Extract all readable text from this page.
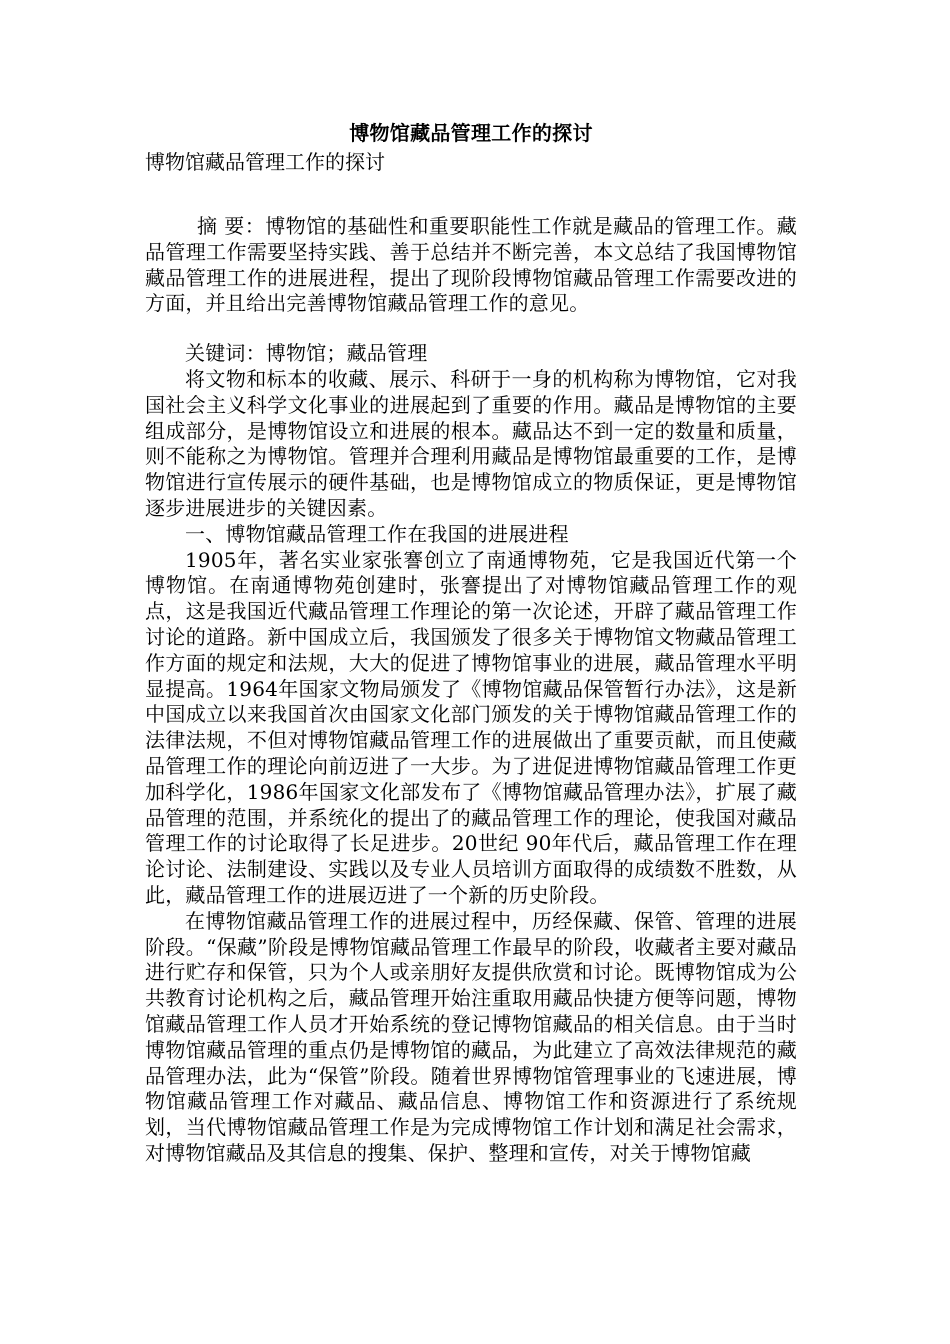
博物馆藏品管理工作的探讨

博物馆藏品管理工作的探讨

摘 要：博物馆的基础性和重要职能性工作就是藏品的管理工作。藏品管理工作需要坚持实践、善于总结并不断完善，本文总结了我国博物馆藏品管理工作的进展进程，提出了现阶段博物馆藏品管理工作需要改进的方面，并且给出完善博物馆藏品管理工作的意见。

关键词：博物馆；藏品管理

将文物和标本的收藏、展示、科研于一身的机构称为博物馆，它对我国社会主义科学文化事业的进展起到了重要的作用。藏品是博物馆的主要组成部分，是博物馆设立和进展的根本。藏品达不到一定的数量和质量，则不能称之为博物馆。管理并合理利用藏品是博物馆最重要的工作，是博物馆进行宣传展示的硬件基础，也是博物馆成立的物质保证，更是博物馆逐步进展进步的关键因素。

一、博物馆藏品管理工作在我国的进展进程

1905年，著名实业家张謇创立了南通博物苑，它是我国近代第一个博物馆。在南通博物苑创建时，张謇提出了对博物馆藏品管理工作的观点，这是我国近代藏品管理工作理论的第一次论述，开辟了藏品管理工作讨论的道路。新中国成立后，我国颁发了很多关于博物馆文物藏品管理工作方面的规定和法规，大大的促进了博物馆事业的进展，藏品管理水平明显提高。1964年国家文物局颁发了《博物馆藏品保管暂行办法》，这是新中国成立以来我国首次由国家文化部门颁发的关于博物馆藏品管理工作的法律法规，不但对博物馆藏品管理工作的进展做出了重要贡献，而且使藏品管理工作的理论向前迈进了一大步。为了进促进博物馆藏品管理工作更加科学化，1986年国家文化部发布了《博物馆藏品管理办法》，扩展了藏品管理的范围，并系统化的提出了的藏品管理工作的理论，使我国对藏品管理工作的讨论取得了长足进步。20世纪 90年代后，藏品管理工作在理论讨论、法制建设、实践以及专业人员培训方面取得的成绩数不胜数，从此，藏品管理工作的进展迈进了一个新的历史阶段。

在博物馆藏品管理工作的进展过程中，历经保藏、保管、管理的进展阶段。“保藏”阶段是博物馆藏品管理工作最早的阶段，收藏者主要对藏品进行贮存和保管，只为个人或亲朋好友提供欣赏和讨论。既博物馆成为公共教育讨论机构之后，藏品管理开始注重取用藏品快捷方便等问题，博物馆藏品管理工作人员才开始系统的登记博物馆藏品的相关信息。由于当时博物馆藏品管理的重点仍是博物馆的藏品，为此建立了高效法律规范的藏品管理办法，此为“保管”阶段。随着世界博物馆管理事业的飞速进展，博物馆藏品管理工作对藏品、藏品信息、博物馆工作和资源进行了系统规划，当代博物馆藏品管理工作是为完成博物馆工作计划和满足社会需求，对博物馆藏品及其信息的搜集、保护、整理和宣传，对关于博物馆藏
